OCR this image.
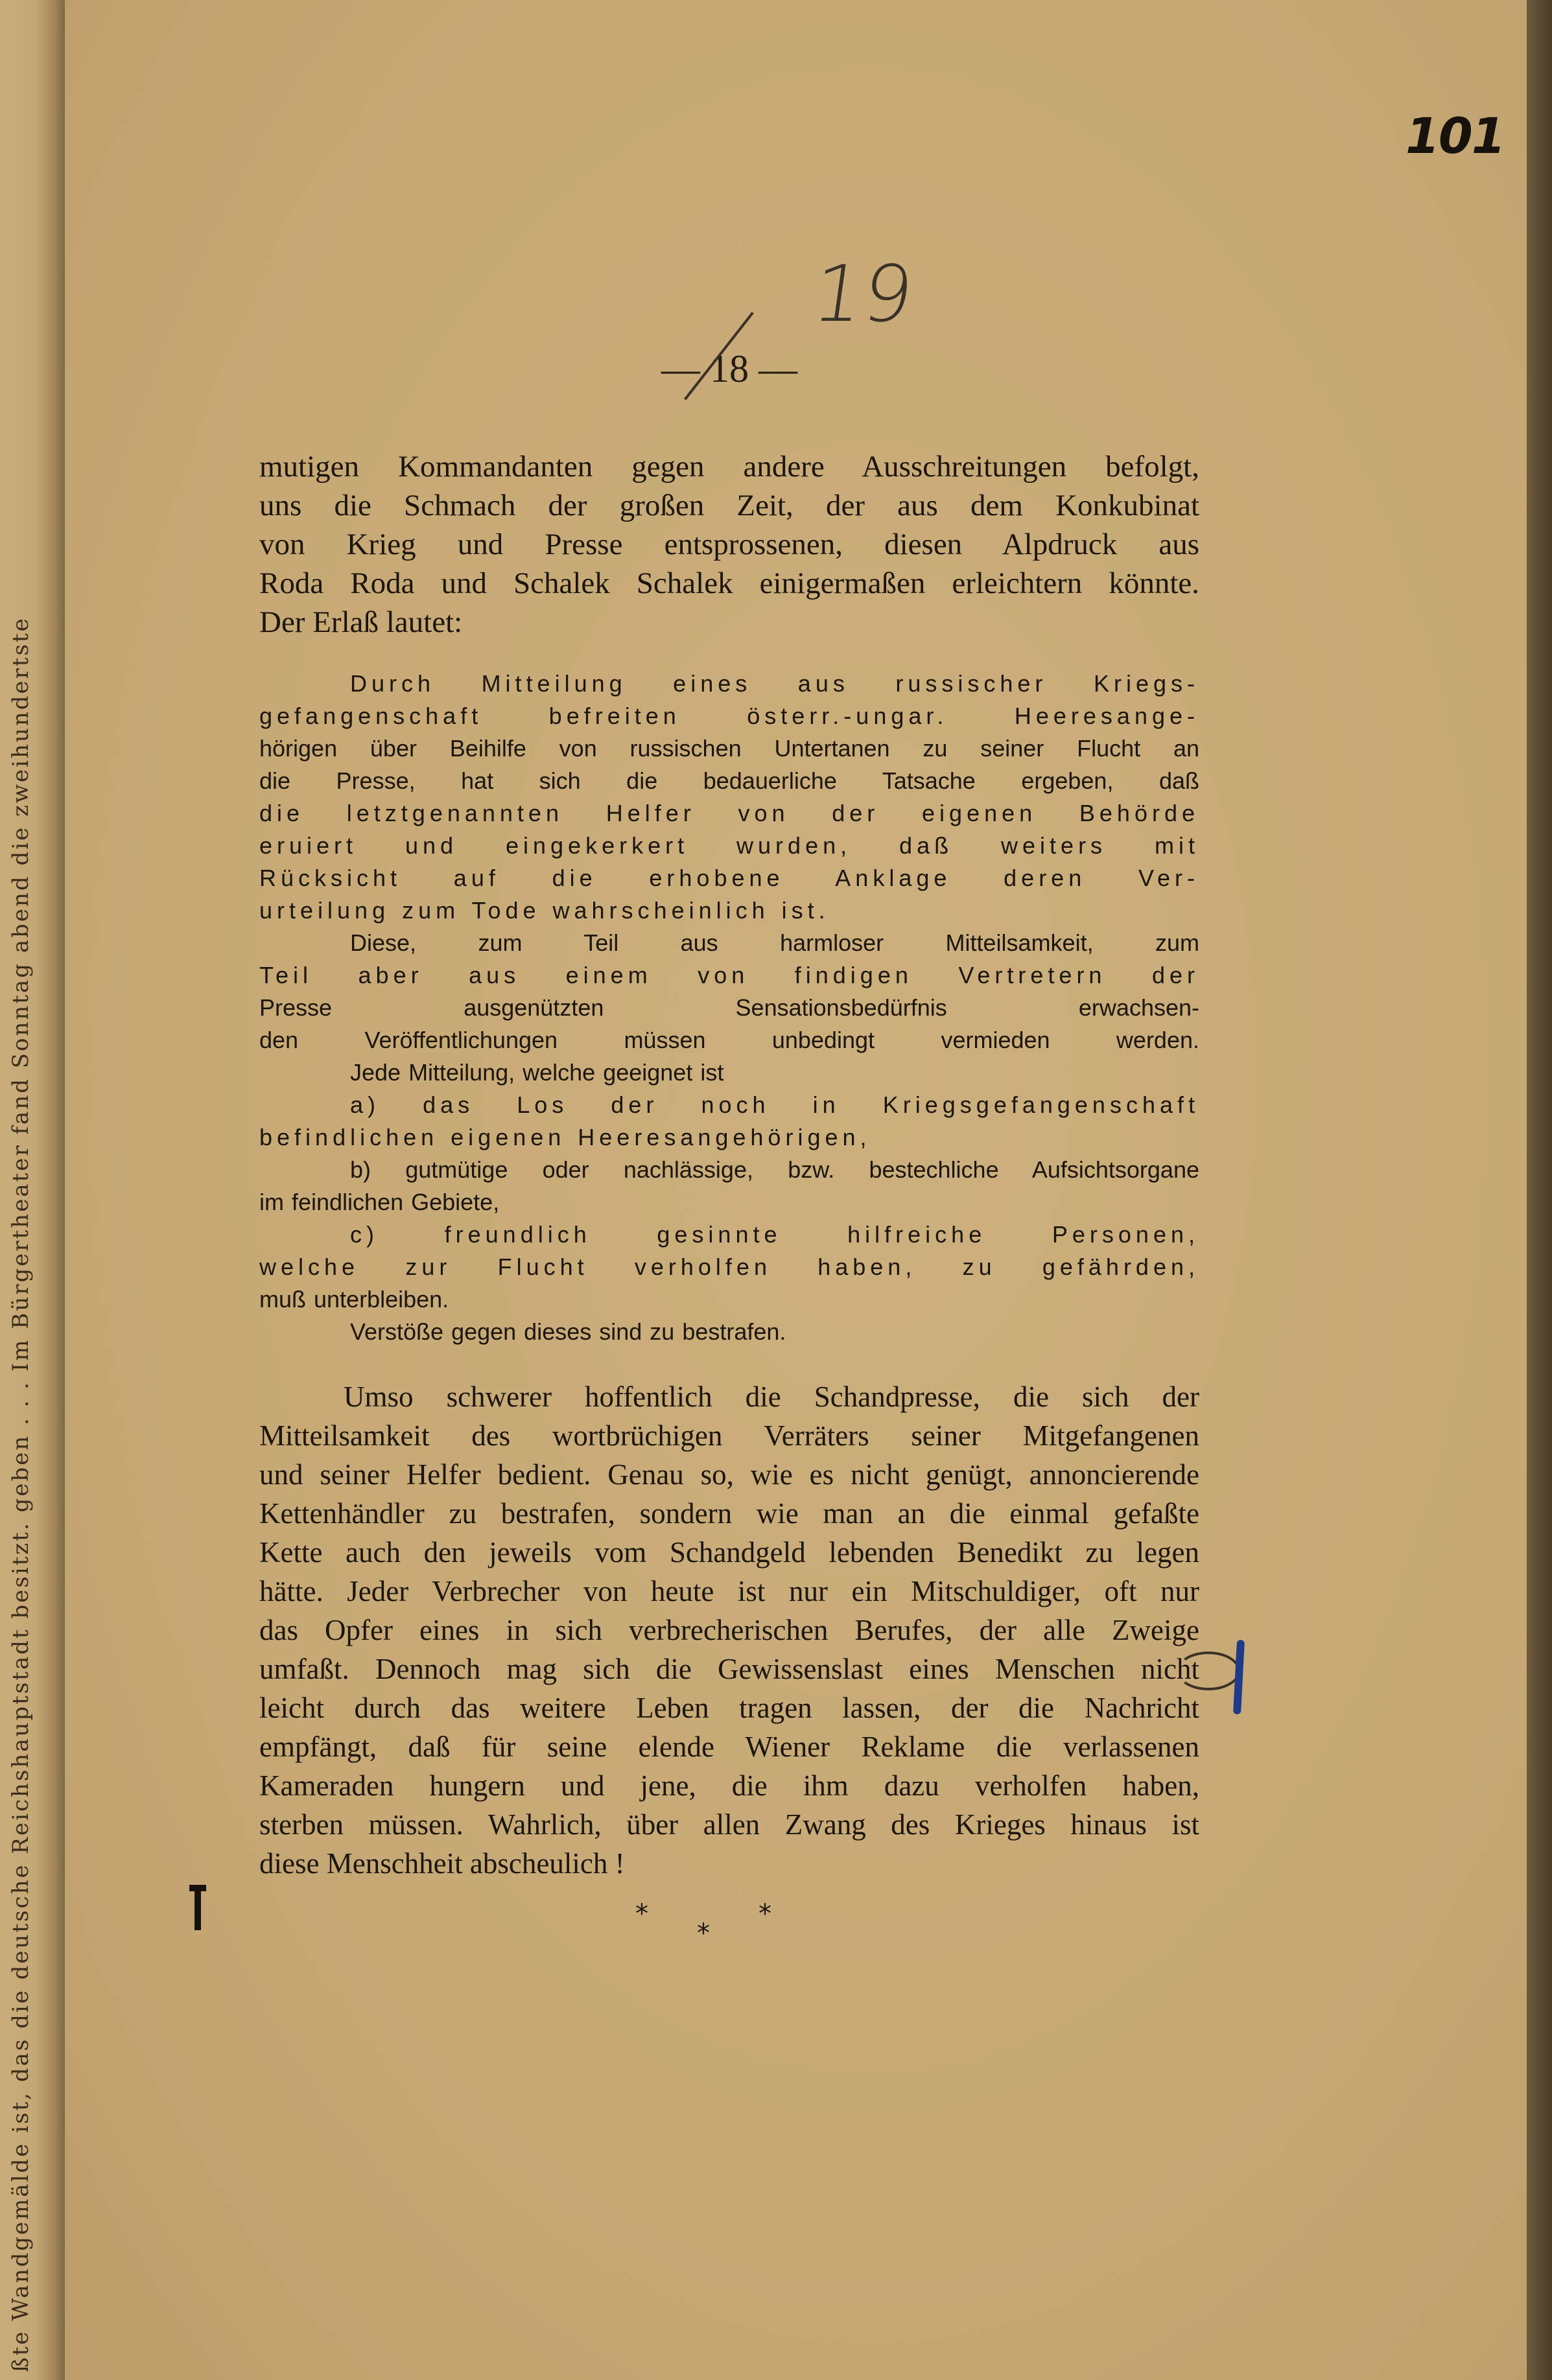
ßte Wandgemälde ist, das die deutsche Reichshauptstadt besitzt. geben . . . Im Bürgertheater fand Sonntag abend die zweihundertste
101
19
— 18 —
mutigen Kommandanten gegen andere Ausschreitungen befolgt,
uns die Schmach der großen Zeit, der aus dem Konkubinat
von Krieg und Presse entsprossenen, diesen Alpdruck aus
Roda Roda und Schalek Schalek einigermaßen erleichtern könnte.
Der Erlaß lautet:
Durch Mitteilung eines aus russischer Kriegs-
gefangenschaft befreiten österr.-ungar. Heeresange-
hörigen über Beihilfe von russischen Untertanen zu seiner Flucht an
die Presse, hat sich die bedauerliche Tatsache ergeben, daß
die letztgenannten Helfer von der eigenen Behörde
eruiert und eingekerkert wurden, daß weiters mit
Rücksicht auf die erhobene Anklage deren Ver-
urteilung zum Tode wahrscheinlich ist.
Diese, zum Teil aus harmloser Mitteilsamkeit, zum
Teil aber aus einem von findigen Vertretern der
Presse ausgenützten Sensationsbedürfnis erwachsen-
den Veröffentlichungen müssen unbedingt vermieden werden.
Jede Mitteilung, welche geeignet ist
a) das Los der noch in Kriegsgefangenschaft
befindlichen eigenen Heeresangehörigen,
b) gutmütige oder nachlässige, bzw. bestechliche Aufsichtsorgane
im feindlichen Gebiete,
c) freundlich gesinnte hilfreiche Personen,
welche zur Flucht verholfen haben, zu gefährden,
muß unterbleiben.
Verstöße gegen dieses sind zu bestrafen.
Umso schwerer hoffentlich die Schandpresse, die sich der
Mitteilsamkeit des wortbrüchigen Verräters seiner Mitgefangenen
und seiner Helfer bedient. Genau so, wie es nicht genügt, annoncierende
Kettenhändler zu bestrafen, sondern wie man an die einmal gefaßte
Kette auch den jeweils vom Schandgeld lebenden Benedikt zu legen
hätte. Jeder Verbrecher von heute ist nur ein Mitschuldiger, oft nur
das Opfer eines in sich verbrecherischen Berufes, der alle Zweige
umfaßt. Dennoch mag sich die Gewissenslast eines Menschen nicht
leicht durch das weitere Leben tragen lassen, der die Nachricht
empfängt, daß für seine elende Wiener Reklame die verlassenen
Kameraden hungern und jene, die ihm dazu verholfen haben,
sterben müssen. Wahrlich, über allen Zwang des Krieges hinaus ist
diese Menschheit abscheulich !
*
*
*
